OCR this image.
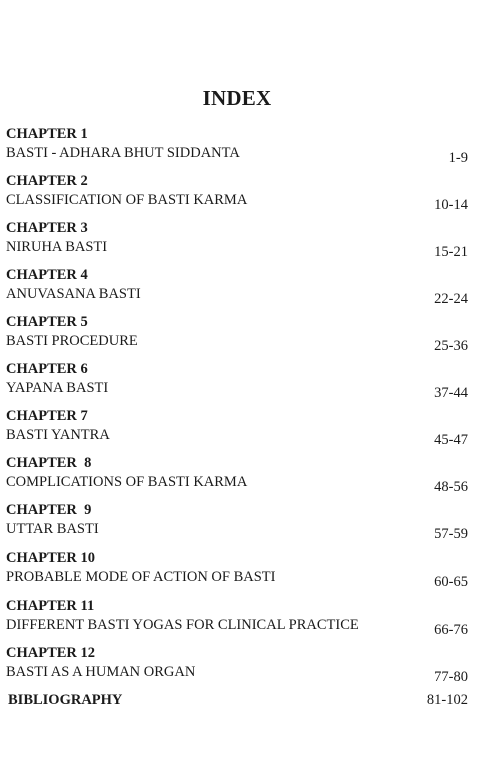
INDEX
CHAPTER 1
BASTI - ADHARA BHUT SIDDANTA	1-9
CHAPTER 2
CLASSIFICATION OF BASTI KARMA	10-14
CHAPTER 3
NIRUHA BASTI	15-21
CHAPTER 4
ANUVASANA BASTI	22-24
CHAPTER 5
BASTI PROCEDURE	25-36
CHAPTER 6
YAPANA BASTI	37-44
CHAPTER 7
BASTI YANTRA	45-47
CHAPTER  8
COMPLICATIONS OF BASTI KARMA	48-56
CHAPTER  9
UTTAR BASTI	57-59
CHAPTER 10
PROBABLE MODE OF ACTION OF BASTI	60-65
CHAPTER 11
DIFFERENT BASTI YOGAS FOR CLINICAL PRACTICE	66-76
CHAPTER 12
BASTI AS A HUMAN ORGAN	77-80
BIBLIOGRAPHY	81-102
